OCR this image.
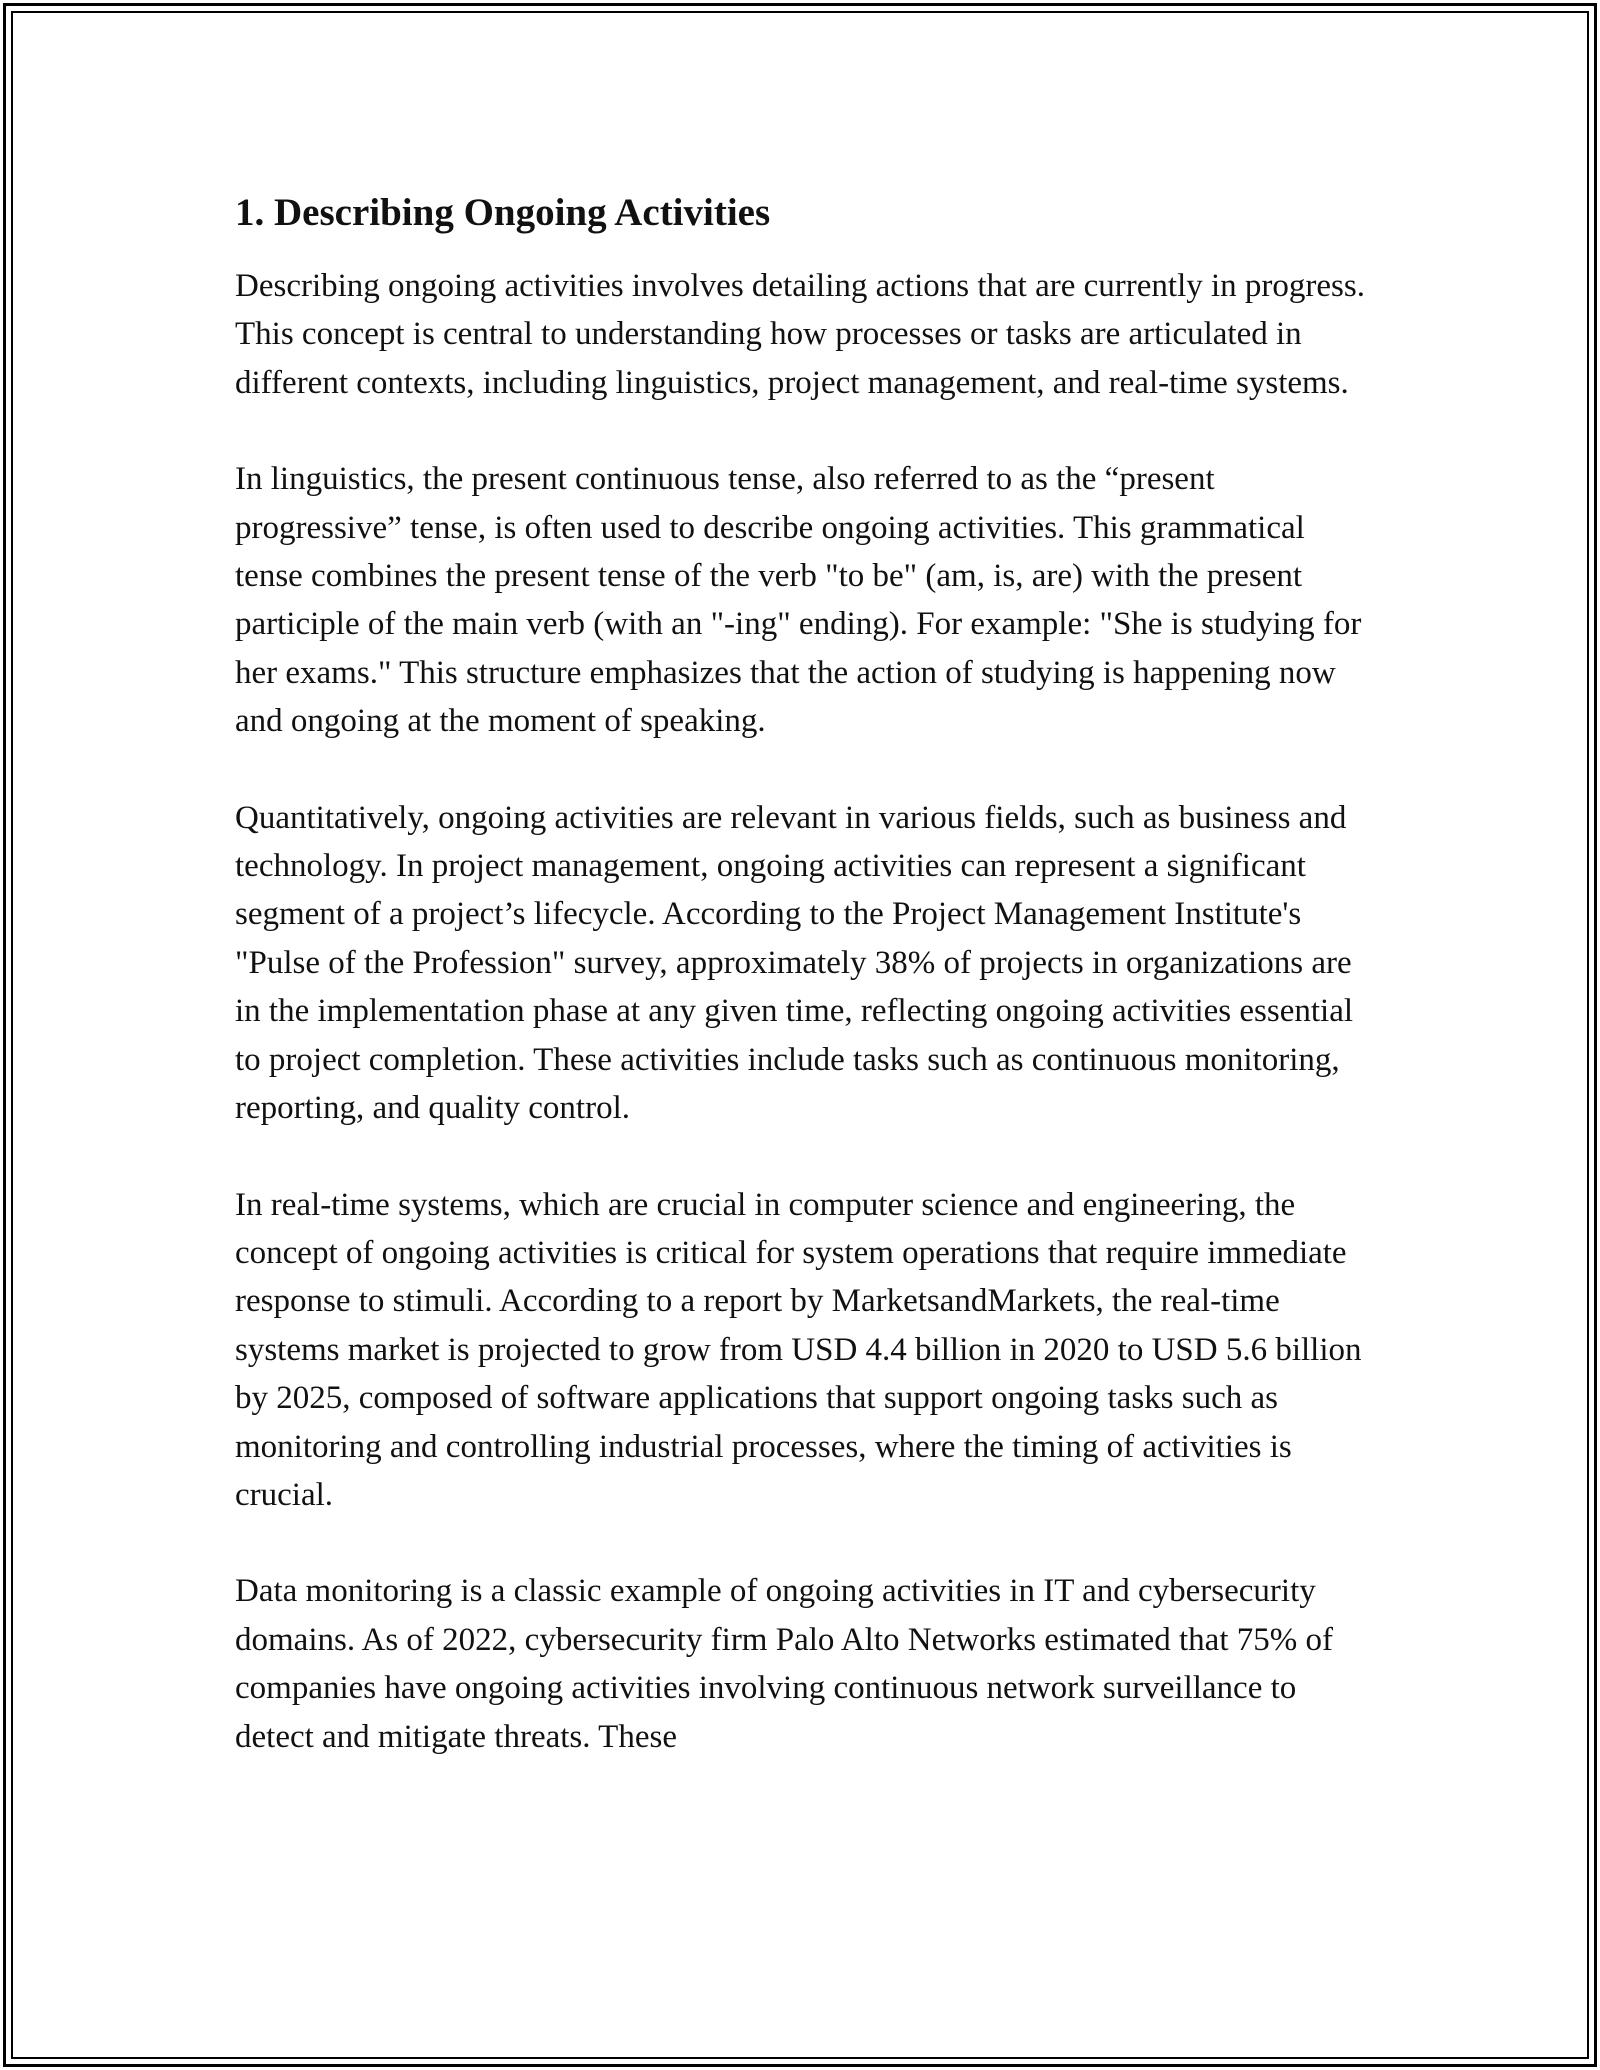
1. Describing Ongoing Activities

Describing ongoing activities involves detailing actions that are currently in progress. This concept is central to understanding how processes or tasks are articulated in different contexts, including linguistics, project management, and real-time systems.

In linguistics, the present continuous tense, also referred to as the “present progressive” tense, is often used to describe ongoing activities. This grammatical tense combines the present tense of the verb "to be" (am, is, are) with the present participle of the main verb (with an "-ing" ending). For example: "She is studying for her exams." This structure emphasizes that the action of studying is happening now and ongoing at the moment of speaking.

Quantitatively, ongoing activities are relevant in various fields, such as business and technology. In project management, ongoing activities can represent a significant segment of a project’s lifecycle. According to the Project Management Institute's "Pulse of the Profession" survey, approximately 38% of projects in organizations are in the implementation phase at any given time, reflecting ongoing activities essential to project completion. These activities include tasks such as continuous monitoring, reporting, and quality control.

In real-time systems, which are crucial in computer science and engineering, the concept of ongoing activities is critical for system operations that require immediate response to stimuli. According to a report by MarketsandMarkets, the real-time systems market is projected to grow from USD 4.4 billion in 2020 to USD 5.6 billion by 2025, composed of software applications that support ongoing tasks such as monitoring and controlling industrial processes, where the timing of activities is crucial.

Data monitoring is a classic example of ongoing activities in IT and cybersecurity domains. As of 2022, cybersecurity firm Palo Alto Networks estimated that 75% of companies have ongoing activities involving continuous network surveillance to detect and mitigate threats. These
